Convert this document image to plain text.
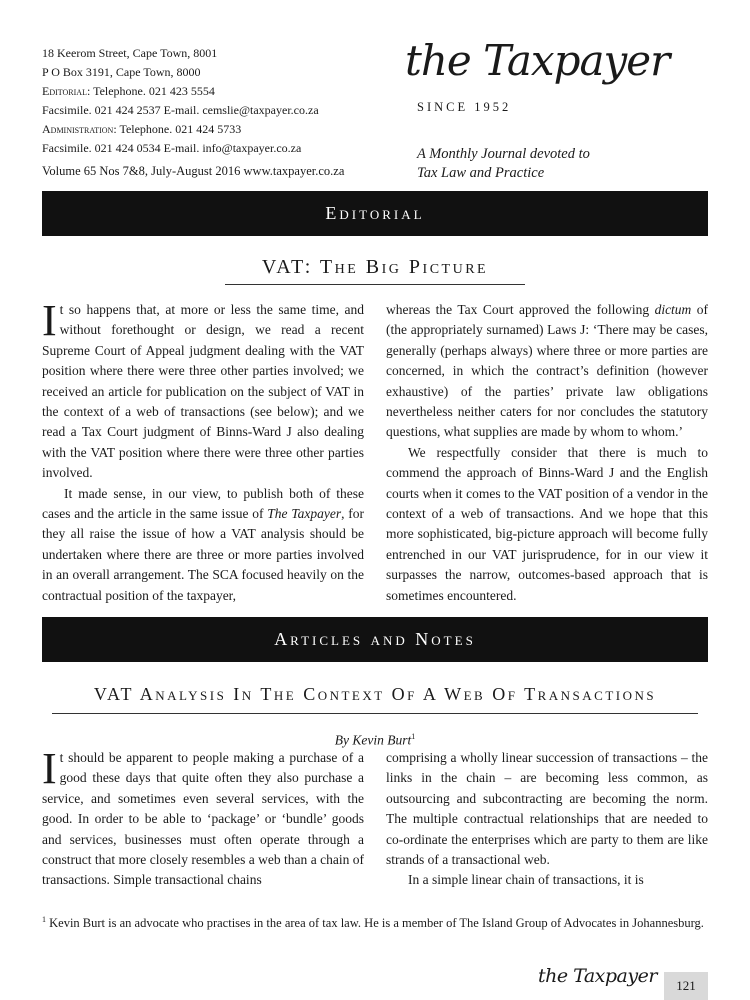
18 Keerom Street, Cape Town, 8001
P O Box 3191, Cape Town, 8000
Editorial: Telephone. 021 423 5554
Facsimile. 021 424 2537 E-mail. cemslie@taxpayer.co.za
Administration: Telephone. 021 424 5733
Facsimile. 021 424 0534 E-mail. info@taxpayer.co.za
Volume 65 Nos 7&8, July-August 2016 www.taxpayer.co.za
the Taxpayer
SINCE 1952
A Monthly Journal devoted to
Tax Law and Practice
Editorial
VAT: The Big Picture

It so happens that, at more or less the same time, and without forethought or design, we read a recent Supreme Court of Appeal judgment dealing with the VAT position where there were three other parties involved; we received an article for publication on the subject of VAT in the context of a web of transactions (see below); and we read a Tax Court judgment of Binns-Ward J also dealing with the VAT position where there were three other parties involved.

It made sense, in our view, to publish both of these cases and the article in the same issue of The Taxpayer, for they all raise the issue of how a VAT analysis should be undertaken where there are three or more parties involved in an overall arrangement. The SCA focused heavily on the contractual position of the taxpayer,

whereas the Tax Court approved the following dictum of (the appropriately surnamed) Laws J: ‘There may be cases, generally (perhaps always) where three or more parties are concerned, in which the contract’s definition (however exhaustive) of the parties’ private law obligations nevertheless neither caters for nor concludes the statutory questions, what supplies are made by whom to whom.’

We respectfully consider that there is much to commend the approach of Binns-Ward J and the English courts when it comes to the VAT position of a vendor in the context of a web of transactions. And we hope that this more sophisticated, big-picture approach will become fully entrenched in our VAT jurisprudence, for in our view it surpasses the narrow, outcomes-based approach that is sometimes encountered.

Articles and Notes
VAT Analysis In The Context Of A Web Of Transactions
By Kevin Burt$^1$

It should be apparent to people making a purchase of a good these days that quite often they also purchase a service, and sometimes even several services, with the good. In order to be able to ‘package’ or ‘bundle’ goods and services, businesses must often operate through a construct that more closely resembles a web than a chain of transactions. Simple transactional chains

comprising a wholly linear succession of transactions – the links in the chain – are becoming less common, as outsourcing and subcontracting are becoming the norm. The multiple contractual relationships that are needed to co-ordinate the enterprises which are party to them are like strands of a transactional web.

In a simple linear chain of transactions, it is

$^1$ Kevin Burt is an advocate who practises in the area of tax law. He is a member of The Island Group of Advocates in Johannesburg.
the Taxpayer 121
